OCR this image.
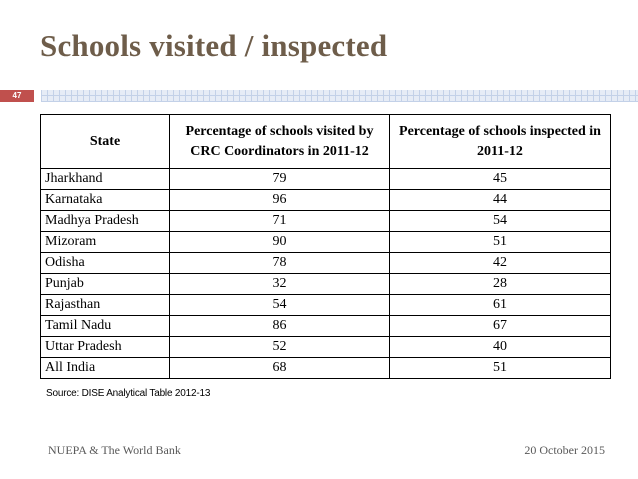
Schools visited / inspected
47
State	Percentage of schools visited by CRC Coordinators in 2011-12	Percentage of schools inspected in 2011-12
Jharkhand	79	45
Karnataka	96	44
Madhya Pradesh	71	54
Mizoram	90	51
Odisha	78	42
Punjab	32	28
Rajasthan	54	61
Tamil Nadu	86	67
Uttar Pradesh	52	40
All India	68	51
Source: DISE Analytical Table 2012-13
NUEPA & The World Bank	20 October 2015
